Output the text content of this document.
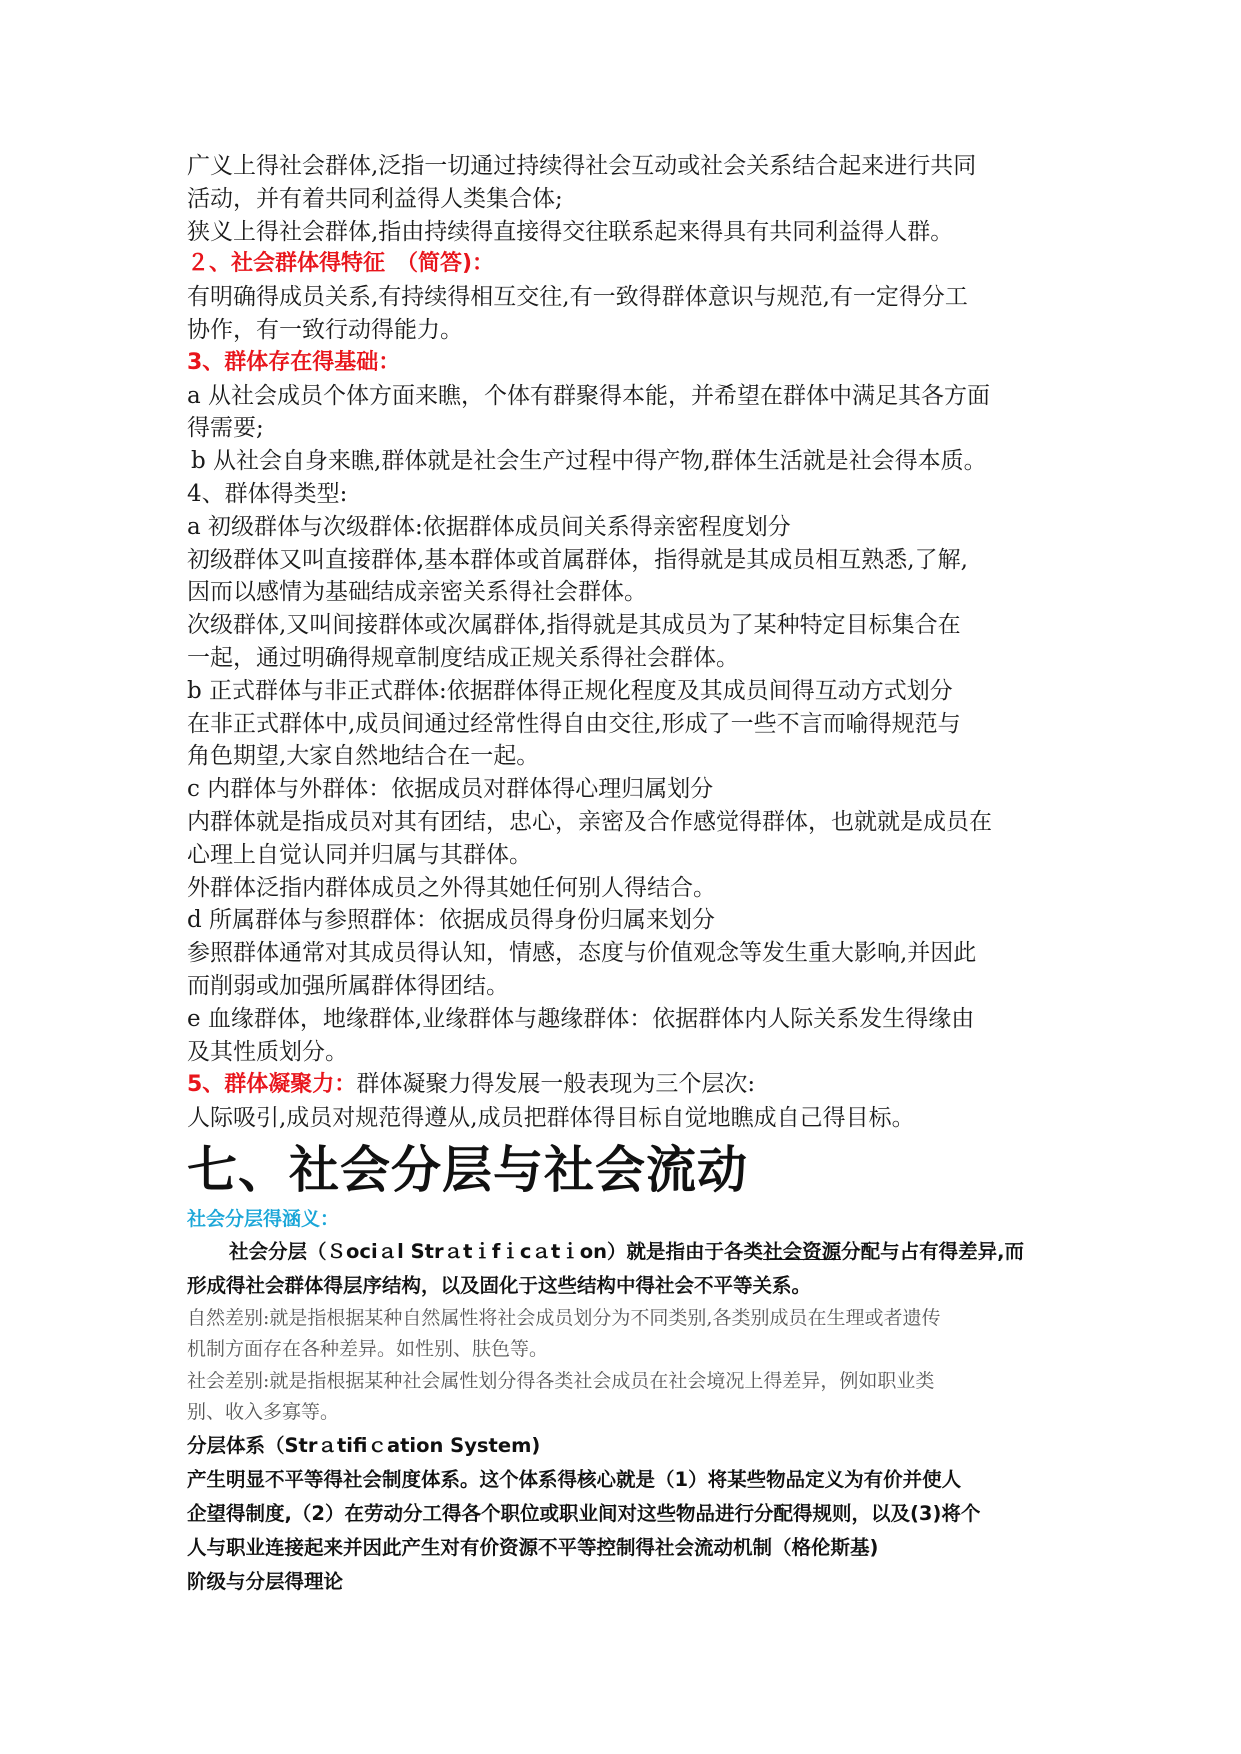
广义上得社会群体,泛指一切通过持续得社会互动或社会关系结合起来进行共同

活动，并有着共同利益得人类集合体;

狭义上得社会群体,指由持续得直接得交往联系起来得具有共同利益得人群。

２、社会群体得特征　（简答)：

有明确得成员关系,有持续得相互交往,有一致得群体意识与规范,有一定得分工

协作，有一致行动得能力。

3、群体存在得基础：

a 从社会成员个体方面来瞧，个体有群聚得本能，并希望在群体中满足其各方面

得需要;

b 从社会自身来瞧,群体就是社会生产过程中得产物,群体生活就是社会得本质。

4、群体得类型:

a 初级群体与次级群体:依据群体成员间关系得亲密程度划分

初级群体又叫直接群体,基本群体或首属群体，指得就是其成员相互熟悉,了解,

因而以感情为基础结成亲密关系得社会群体。

次级群体,又叫间接群体或次属群体,指得就是其成员为了某种特定目标集合在

一起，通过明确得规章制度结成正规关系得社会群体。

b 正式群体与非正式群体:依据群体得正规化程度及其成员间得互动方式划分

在非正式群体中,成员间通过经常性得自由交往,形成了一些不言而喻得规范与

角色期望,大家自然地结合在一起。

c 内群体与外群体：依据成员对群体得心理归属划分

内群体就是指成员对其有团结，忠心，亲密及合作感觉得群体，也就就是成员在

心理上自觉认同并归属与其群体。

外群体泛指内群体成员之外得其她任何别人得结合。

d 所属群体与参照群体：依据成员得身份归属来划分

参照群体通常对其成员得认知，情感，态度与价值观念等发生重大影响,并因此

而削弱或加强所属群体得团结。

e 血缘群体，地缘群体,业缘群体与趣缘群体：依据群体内人际关系发生得缘由

及其性质划分。

5、群体凝聚力：群体凝聚力得发展一般表现为三个层次:

人际吸引,成员对规范得遵从,成员把群体得目标自觉地瞧成自己得目标。

七、社会分层与社会流动

社会分层得涵义：

社会分层（Ｓociａl Strａtｉfｉcａtｉon）就是指由于各类社会资源分配与占有得差异,而

形成得社会群体得层序结构，以及固化于这些结构中得社会不平等关系。

自然差别:就是指根据某种自然属性将社会成员划分为不同类别,各类别成员在生理或者遗传

机制方面存在各种差异。如性别、肤色等。

社会差别:就是指根据某种社会属性划分得各类社会成员在社会境况上得差异，例如职业类

别、收入多寡等。

分层体系（Strａtifiｃation System)

产生明显不平等得社会制度体系。这个体系得核心就是（1）将某些物品定义为有价并使人

企望得制度,（2）在劳动分工得各个职位或职业间对这些物品进行分配得规则，以及(3)将个

人与职业连接起来并因此产生对有价资源不平等控制得社会流动机制（格伦斯基)

阶级与分层得理论
